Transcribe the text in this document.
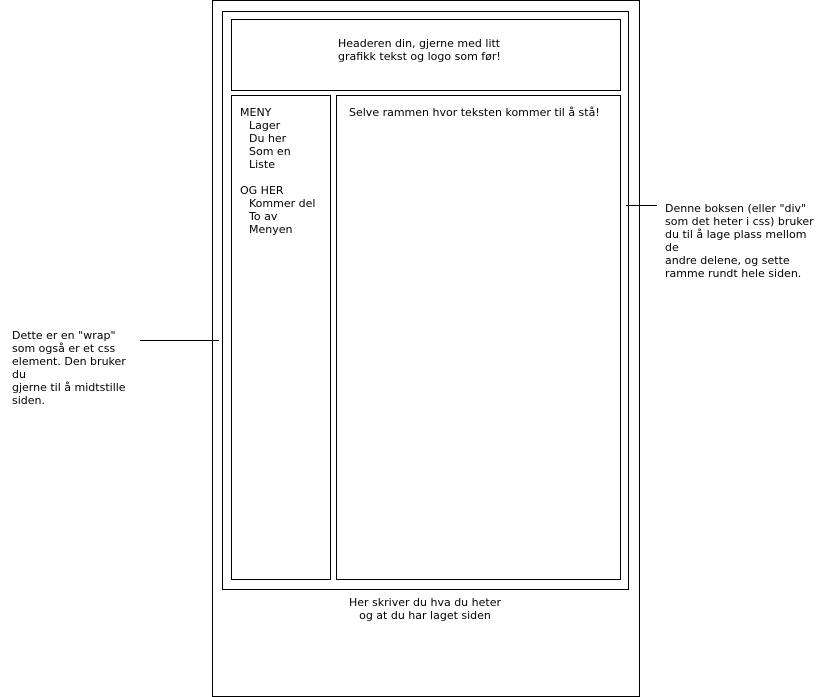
Headeren din, gjerne med litt
grafikk tekst og logo som før!
MENY
Lager
Du her
Som en
Liste
OG HER
Kommer del
To av
Menyen
Selve rammen hvor teksten kommer til å stå!
Her skriver du hva du heter
og at du har laget siden
Dette er en "wrap"
som også er et css
element. Den bruker du
gjerne til å midtstille
siden.
Denne boksen (eller "div"
som det heter i css) bruker
du til å lage plass mellom de
andre delene, og sette
ramme rundt hele siden.
